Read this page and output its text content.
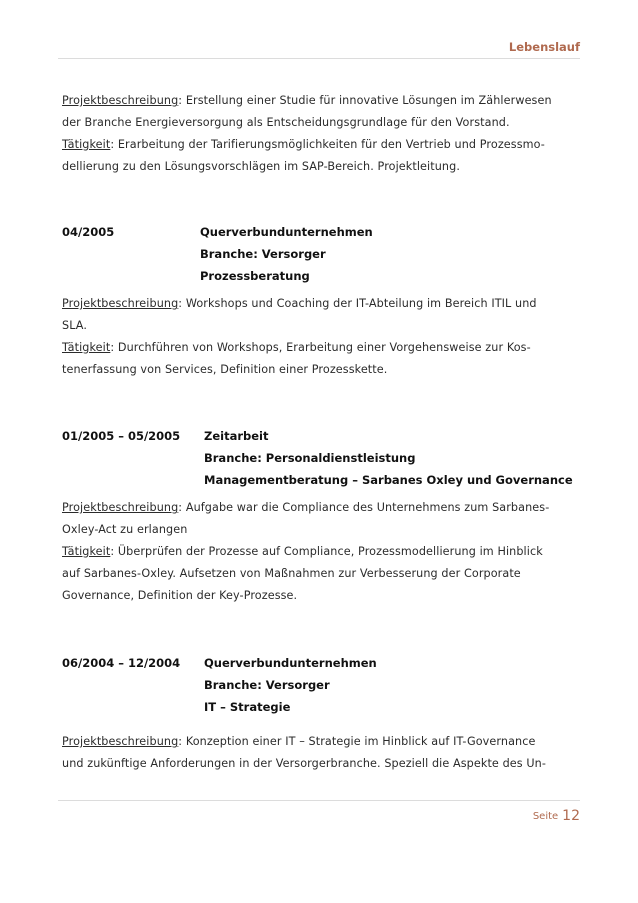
Lebenslauf
Projektbeschreibung: Erstellung einer Studie für innovative Lösungen im Zählerwesen
der Branche Energieversorgung als Entscheidungsgrundlage für den Vorstand.
Tätigkeit: Erarbeitung der Tarifierungsmöglichkeiten für den Vertrieb und Prozessmo-
dellierung zu den Lösungsvorschlägen im SAP-Bereich. Projektleitung.
04/2005	Querverbundunternehmen
Branche: Versorger
Prozessberatung
Projektbeschreibung: Workshops und Coaching der IT-Abteilung im Bereich ITIL und
SLA.
Tätigkeit: Durchführen von Workshops, Erarbeitung einer Vorgehensweise zur Kos-
tenerfassung von Services, Definition einer Prozesskette.
01/2005 – 05/2005 Zeitarbeit
Branche: Personaldienstleistung
Managementberatung – Sarbanes Oxley und Governance
Projektbeschreibung: Aufgabe war die Compliance des Unternehmens zum Sarbanes-
Oxley-Act zu erlangen
Tätigkeit: Überprüfen der Prozesse auf Compliance, Prozessmodellierung im Hinblick
auf Sarbanes-Oxley. Aufsetzen von Maßnahmen zur Verbesserung der Corporate
Governance, Definition der Key-Prozesse.
06/2004 – 12/2004 Querverbundunternehmen
Branche: Versorger
IT – Strategie
Projektbeschreibung: Konzeption einer IT – Strategie im Hinblick auf IT-Governance
und zukünftige Anforderungen in der Versorgerbranche. Speziell die Aspekte des Un-
Seite 12
